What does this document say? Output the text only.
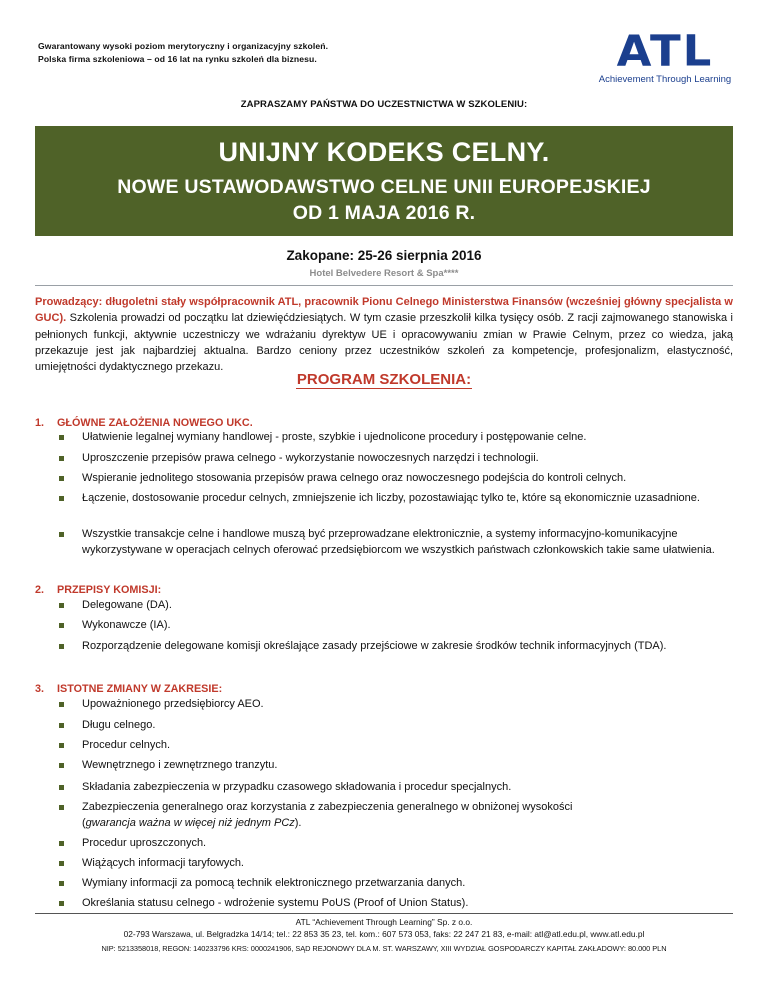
Gwarantowany wysoki poziom merytoryczny i organizacyjny szkoleń.
Polska firma szkoleniowa – od 16 lat na rynku szkoleń dla biznesu.	ATL
Achievement Through Learning
ZAPRASZAMY PAŃSTWA DO UCZESTNICTWA W SZKOLENIU:
UNIJNY KODEKS CELNY.
NOWE USTAWODAWSTWO CELNE UNII EUROPEJSKIEJ
OD 1 MAJA 2016 R.
Zakopane: 25-26 sierpnia 2016
Hotel Belvedere Resort & Spa****
Prowadzący: długoletni stały współpracownik ATL, pracownik Pionu Celnego Ministerstwa Finansów (wcześniej główny specjalista w GUC). Szkolenia prowadzi od początku lat dziewięćdziesiątych. W tym czasie przeszkolił kilka tysięcy osób. Z racji zajmowanego stanowiska i pełnionych funkcji, aktywnie uczestniczy we wdrażaniu dyrektyw UE i opracowywaniu zmian w Prawie Celnym, przez co wiedza, jaką przekazuje jest jak najbardziej aktualna. Bardzo ceniony przez uczestników szkoleń za kompetencje, profesjonalizm, elastyczność, umiejętności dydaktycznego przekazu.
PROGRAM SZKOLENIA:
1. GŁÓWNE ZAŁOŻENIA NOWEGO UKC.
Ułatwienie legalnej wymiany handlowej - proste, szybkie i ujednolicone procedury i postępowanie celne.
Uproszczenie przepisów prawa celnego - wykorzystanie nowoczesnych narzędzi i technologii.
Wspieranie jednolitego stosowania przepisów prawa celnego oraz nowoczesnego podejścia do kontroli celnych.
Łączenie, dostosowanie procedur celnych, zmniejszenie ich liczby, pozostawiając tylko te, które są ekonomicznie uzasadnione.
Wszystkie transakcje celne i handlowe muszą być przeprowadzane elektronicznie, a systemy informacyjno-komunikacyjne wykorzystywane w operacjach celnych oferować przedsiębiorcom we wszystkich państwach członkowskich takie same ułatwienia.
2. PRZEPISY KOMISJI:
Delegowane (DA).
Wykonawcze (IA).
Rozporządzenie delegowane komisji określające zasady przejściowe w zakresie środków technik informacyjnych (TDA).
3. ISTOTNE ZMIANY W ZAKRESIE:
Upoważnionego przedsiębiorcy AEO.
Długu celnego.
Procedur celnych.
Wewnętrznego i zewnętrznego tranzytu.
Składania zabezpieczenia w przypadku czasowego składowania i procedur specjalnych.
Zabezpieczenia generalnego oraz korzystania z zabezpieczenia generalnego w obniżonej wysokości
(gwarancja ważna w więcej niż jednym PCz).
Procedur uproszczonych.
Wiążących informacji taryfowych.
Wymiany informacji za pomocą technik elektronicznego przetwarzania danych.
Określania statusu celnego - wdrożenie systemu PoUS (Proof of Union Status).
ATL “Achievement Through Learning” Sp. z o.o.
02-793 Warszawa, ul. Belgradzka 14/14; tel.: 22 853 35 23, tel. kom.: 607 573 053, faks: 22 247 21 83, e-mail: atl@atl.edu.pl, www.atl.edu.pl
NIP: 5213358018, REGON: 140233796 KRS: 0000241906, SĄD REJONOWY DLA M. ST. WARSZAWY, XIII WYDZIAŁ GOSPODARCZY KAPITAŁ ZAKŁADOWY: 80.000 PLN
